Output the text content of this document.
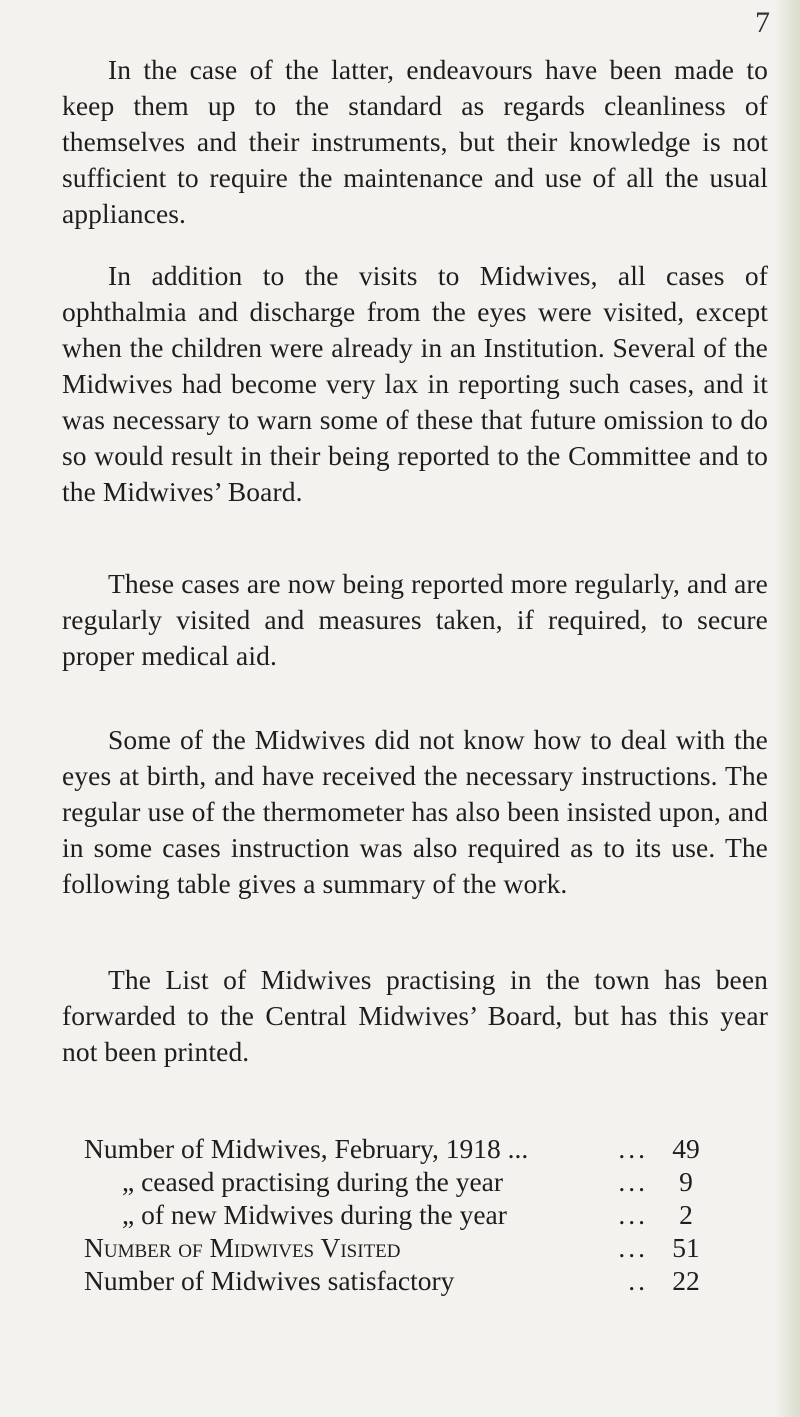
7

In the case of the latter, endeavours have been made to keep them up to the standard as regards cleanliness of themselves and their instruments, but their knowledge is not sufficient to require the maintenance and use of all the usual appliances.

In addition to the visits to Midwives, all cases of ophthalmia and discharge from the eyes were visited, except when the children were already in an Institution. Several of the Midwives had become very lax in reporting such cases, and it was necessary to warn some of these that future omission to do so would result in their being reported to the Committee and to the Midwives’ Board.

These cases are now being reported more regularly, and are regularly visited and measures taken, if required, to secure proper medical aid.

Some of the Midwives did not know how to deal with the eyes at birth, and have received the necessary instructions. The regular use of the thermometer has also been insisted upon, and in some cases instruction was also required as to its use. The following table gives a summary of the work.

The List of Midwives practising in the town has been forwarded to the Central Midwives’ Board, but has this year not been printed.

Number of Midwives, February, 1918 ...	... 49
„ ceased practising during the year	...	9
„ of new Midwives during the year	...	2
Number of Midwives Visited	... 51
Number of Midwives satisfactory	.. 22
